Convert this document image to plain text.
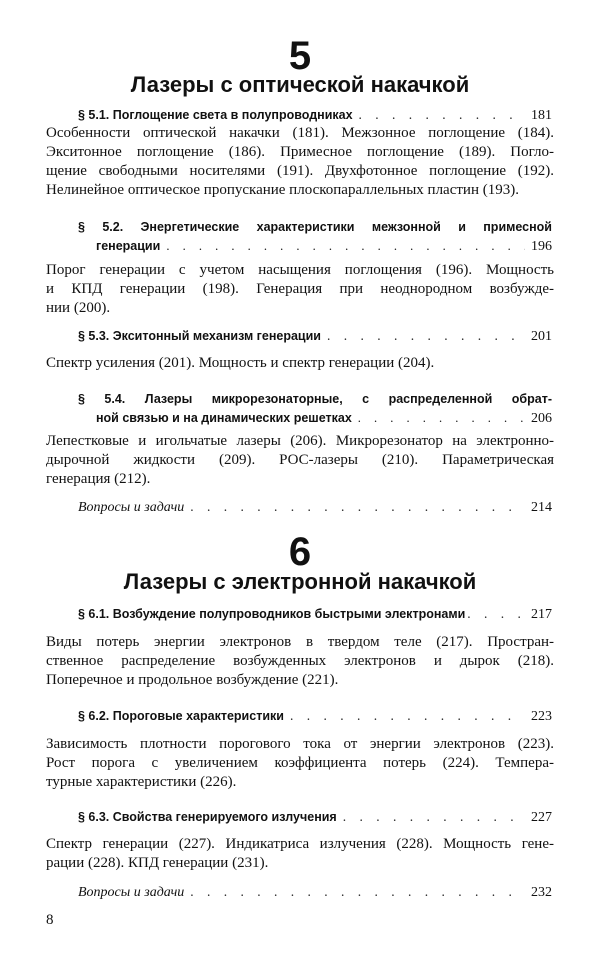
5
Лазеры с оптической накачкой
§ 5.1. Поглощение света в полупроводниках . . .	181
Особенности оптической накачки (181). Межзонное поглощение (184).
Экситонное поглощение (186). Примесное поглощение (189). Погло-
щение свободными носителями (191). Двухфотонное поглощение (192).
Нелинейное оптическое пропускание плоскопараллельных пластин (193).
§ 5.2. Энергетические характеристики межзонной и примесной
генерации . . .	196
Порог генерации с учетом насыщения поглощения (196). Мощность
и КПД генерации (198). Генерация при неоднородном возбужде-
нии (200).
§ 5.3. Экситонный механизм генерации . . .	201
Спектр усиления (201). Мощность и спектр генерации (204).
§ 5.4. Лазеры микрорезонаторные, с распределенной обрат-
ной связью и на динамических решетках . . .	206
Лепестковые и игольчатые лазеры (206). Микрорезонатор на электронно-
дырочной жидкости (209). РОС-лазеры (210). Параметрическая
генерация (212).
Вопросы и задачи . . .	214
6
Лазеры с электронной накачкой
§ 6.1. Возбуждение полупроводников быстрыми электронами . . .	217
Виды потерь энергии электронов в твердом теле (217). Простран-
ственное распределение возбужденных электронов и дырок (218).
Поперечное и продольное возбуждение (221).
§ 6.2. Пороговые характеристики . . .	223
Зависимость плотности порогового тока от энергии электронов (223).
Рост порога с увеличением коэффициента потерь (224). Темпера-
турные характеристики (226).
§ 6.3. Свойства генерируемого излучения . . .	227
Спектр генерации (227). Индикатриса излучения (228). Мощность гене-
рации (228). КПД генерации (231).
Вопросы и задачи . . .	232
8
